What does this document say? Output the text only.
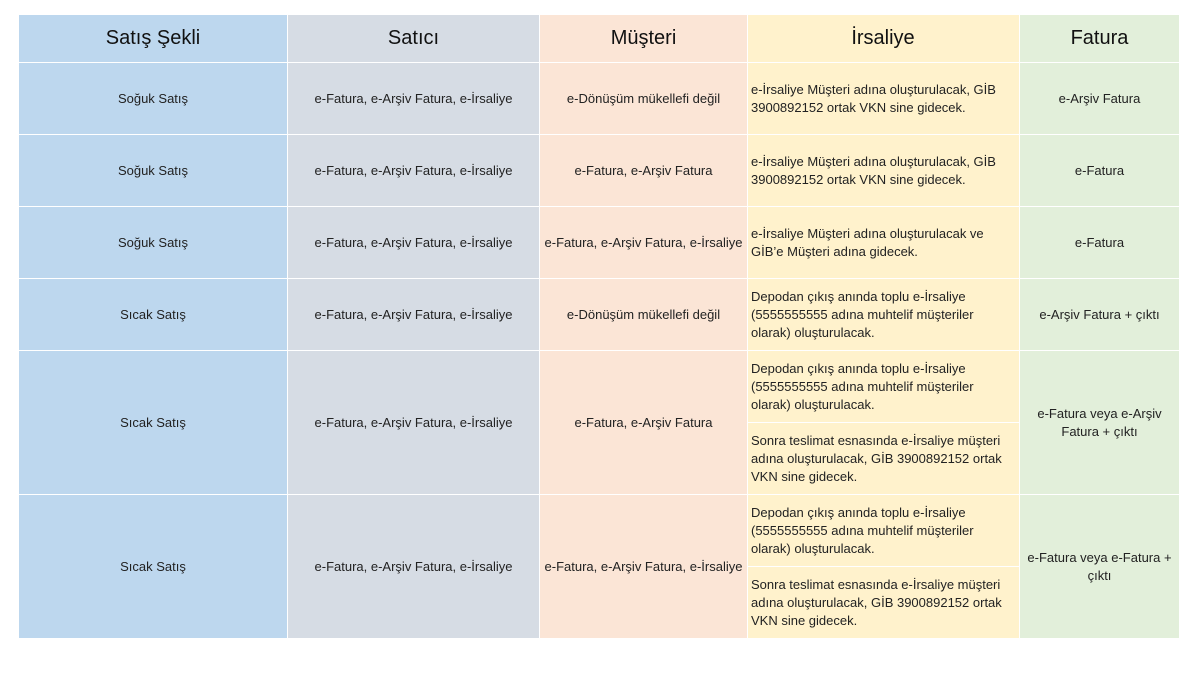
Satış Şekli	Satıcı	Müşteri	İrsaliye	Fatura
Soğuk Satış	e-Fatura, e-Arşiv Fatura, e-İrsaliye	e-Dönüşüm mükellefi değil	e-İrsaliye Müşteri adına oluşturulacak, GİB 3900892152 ortak VKN sine gidecek.	e-Arşiv Fatura
Soğuk Satış	e-Fatura, e-Arşiv Fatura, e-İrsaliye	e-Fatura, e-Arşiv Fatura	e-İrsaliye Müşteri adına oluşturulacak, GİB 3900892152 ortak VKN sine gidecek.	e-Fatura
Soğuk Satış	e-Fatura, e-Arşiv Fatura, e-İrsaliye	e-Fatura, e-Arşiv Fatura, e-İrsaliye	e-İrsaliye Müşteri adına oluşturulacak ve GİB’e Müşteri adına gidecek.	e-Fatura
Sıcak Satış	e-Fatura, e-Arşiv Fatura, e-İrsaliye	e-Dönüşüm mükellefi değil	Depodan çıkış anında toplu e-İrsaliye (5555555555 adına muhtelif müşteriler olarak) oluşturulacak.	e-Arşiv Fatura + çıktı
Sıcak Satış	e-Fatura, e-Arşiv Fatura, e-İrsaliye	e-Fatura, e-Arşiv Fatura	Depodan çıkış anında toplu e-İrsaliye (5555555555 adına muhtelif müşteriler olarak) oluşturulacak.	e-Fatura veya e-Arşiv Fatura + çıktı
			Sonra teslimat esnasında e-İrsaliye müşteri adına oluşturulacak, GİB 3900892152 ortak VKN sine gidecek.	
Sıcak Satış	e-Fatura, e-Arşiv Fatura, e-İrsaliye	e-Fatura, e-Arşiv Fatura, e-İrsaliye	Depodan çıkış anında toplu e-İrsaliye (5555555555 adına muhtelif müşteriler olarak) oluşturulacak.	e-Fatura veya e-Fatura + çıktı
			Sonra teslimat esnasında e-İrsaliye müşteri adına oluşturulacak, GİB 3900892152 ortak VKN sine gidecek.	
